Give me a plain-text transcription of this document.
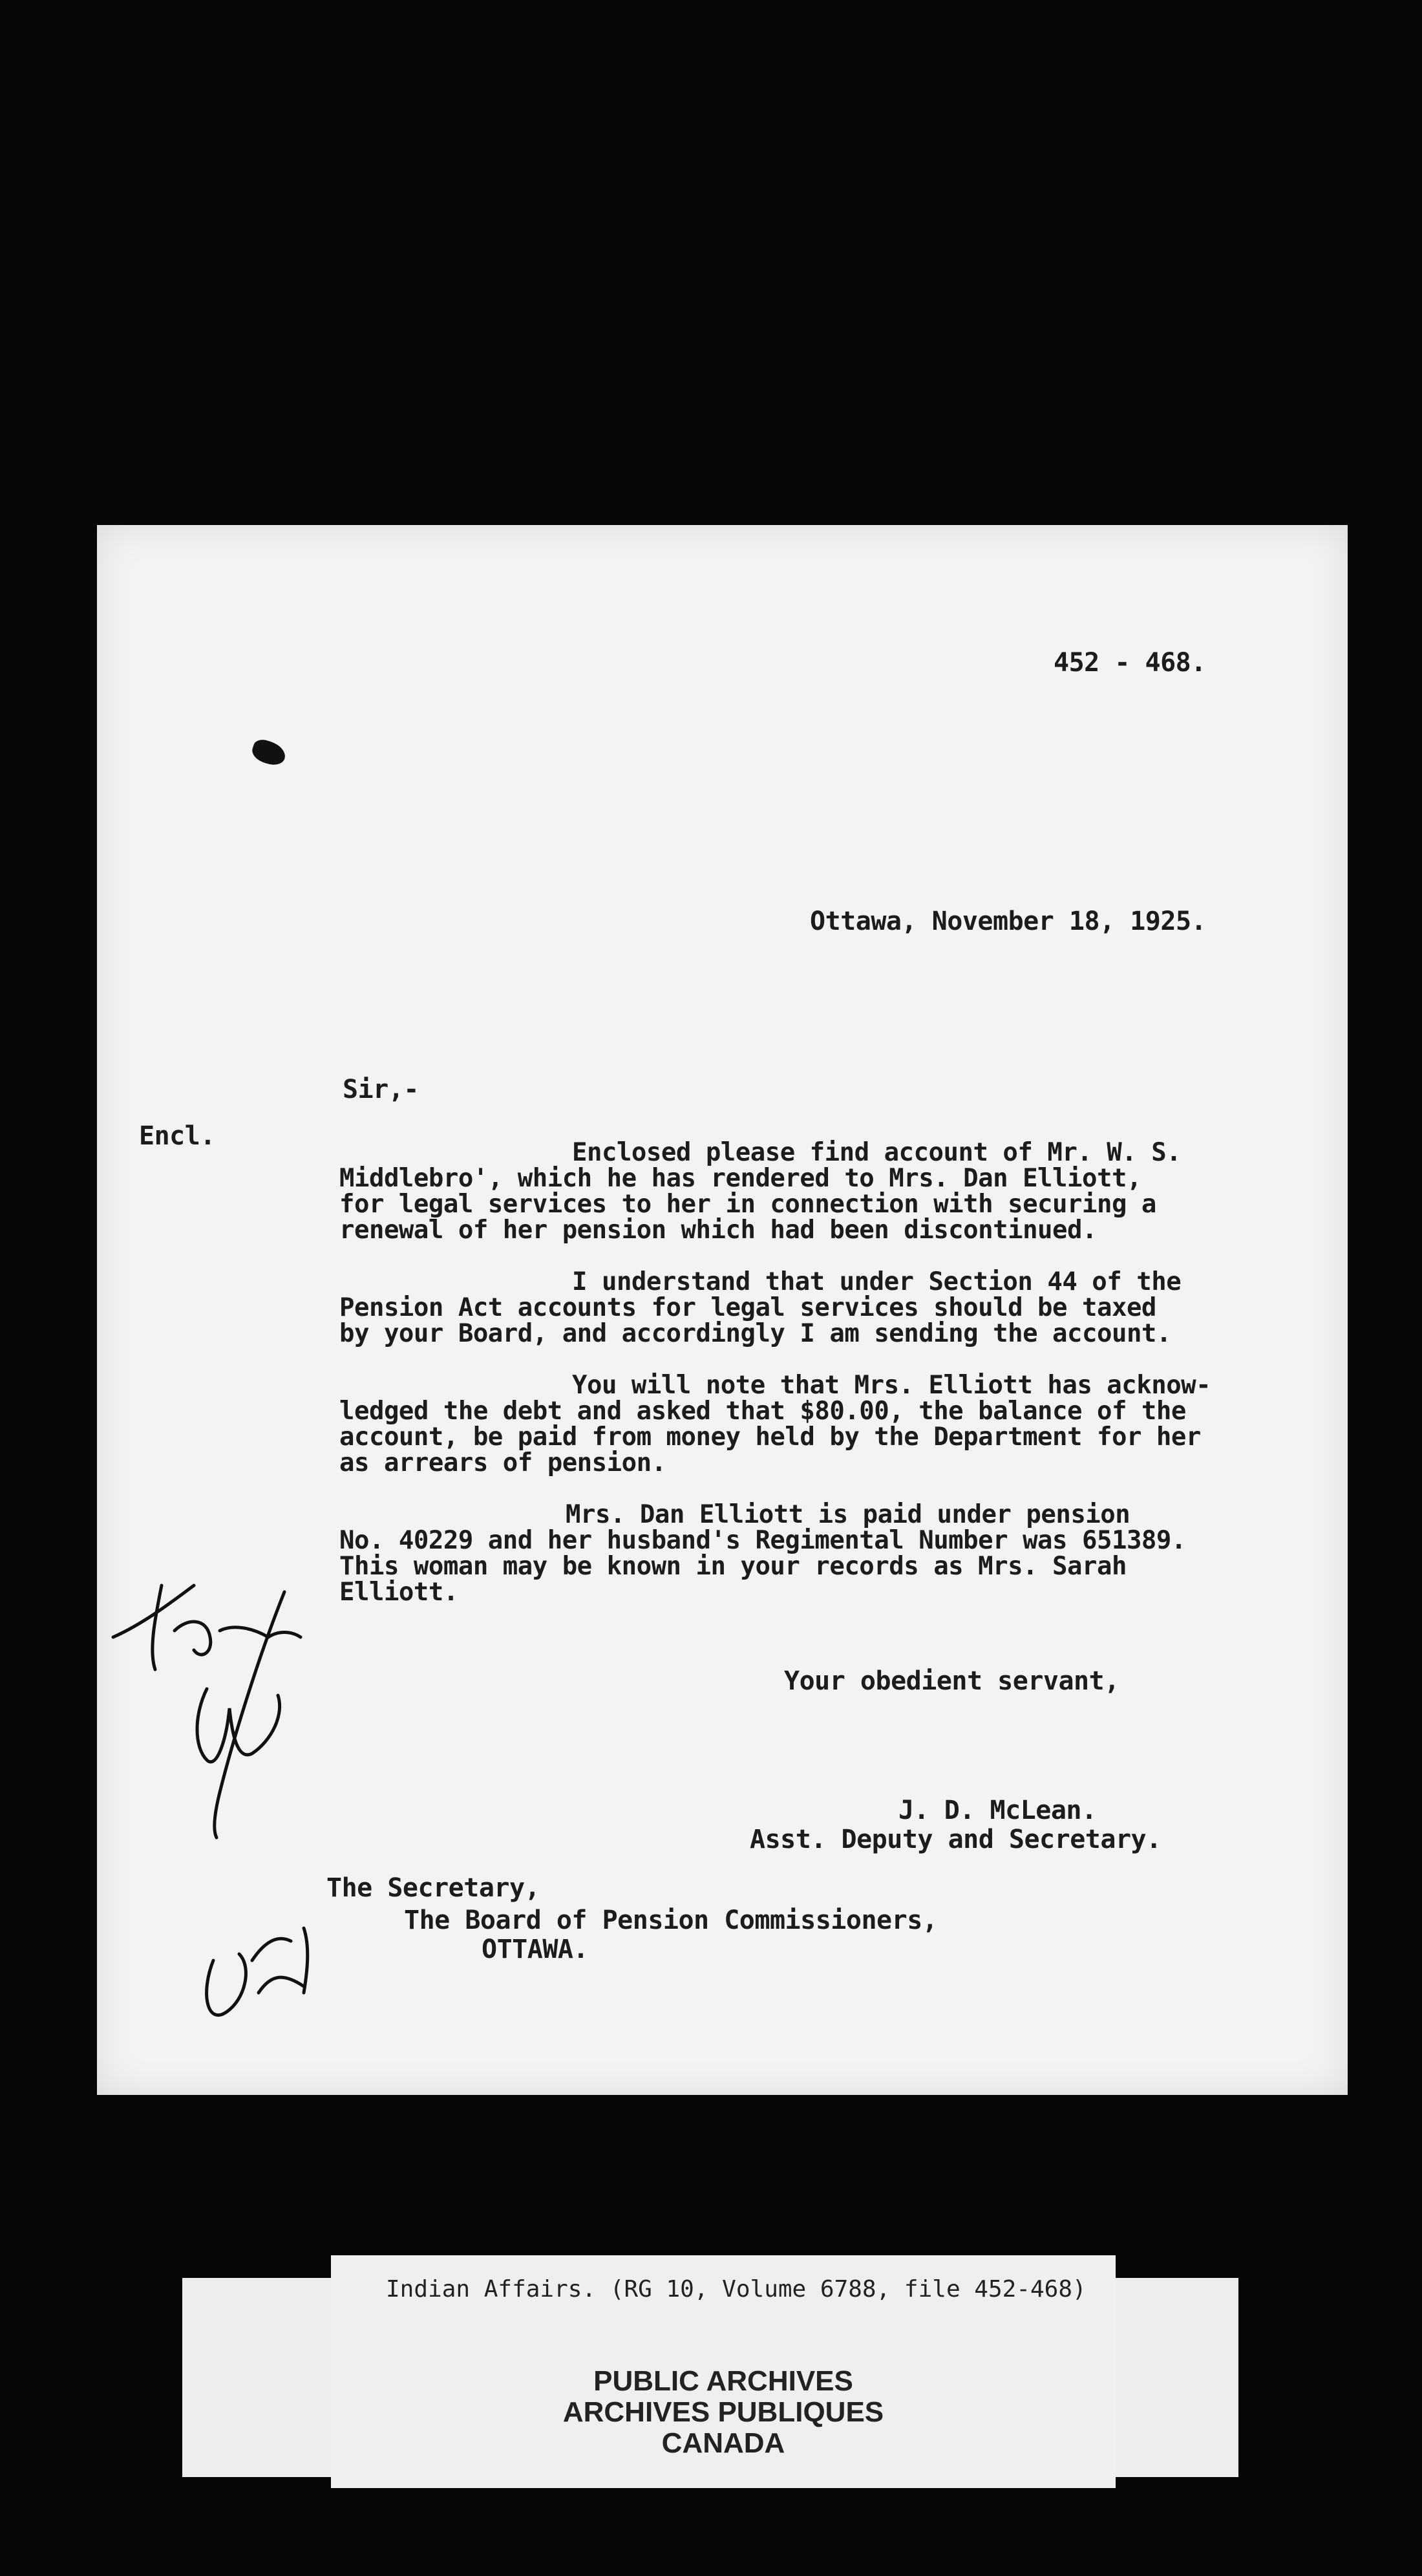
452 - 468.
Ottawa, November 18, 1925.
Sir,-
Encl.
Enclosed please find account of Mr. W. S.
Middlebro', which he has rendered to Mrs. Dan Elliott,
for legal services to her in connection with securing a
renewal of her pension which had been discontinued.
I understand that under Section 44 of the
Pension Act accounts for legal services should be taxed
by your Board, and accordingly I am sending the account.
You will note that Mrs. Elliott has acknow-
ledged the debt and asked that $80.00, the balance of the
account, be paid from money held by the Department for her
as arrears of pension.
Mrs. Dan Elliott is paid under pension
No. 40229 and her husband's Regimental Number was 651389.
This woman may be known in your records as Mrs. Sarah
Elliott.
Your obedient servant,
J. D. McLean.
Asst. Deputy and Secretary.
The Secretary,
The Board of Pension Commissioners,
OTTAWA.
Indian Affairs. (RG 10, Volume 6788, file 452-468)
PUBLIC ARCHIVES
ARCHIVES PUBLIQUES
CANADA
